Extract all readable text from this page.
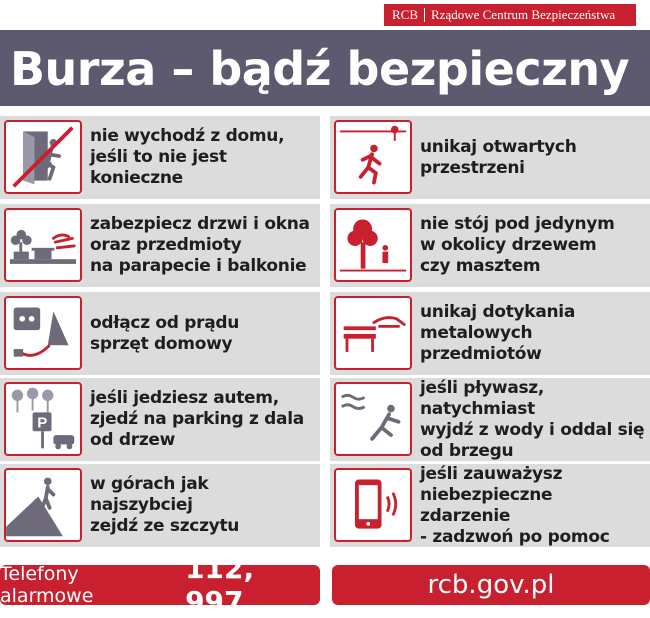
RCB Rządowe Centrum Bezpieczeństwa
Burza – bądź bezpieczny
nie wychodź z domu,
jeśli to nie jest konieczne
zabezpiecz drzwi i okna
oraz przedmioty
na parapecie i balkonie
odłącz od prądu
sprzęt domowy
P
jeśli jedziesz autem,
zjedź na parking z dala
od drzew
w górach jak najszybciej
zejdź ze szczytu
unikaj otwartych
przestrzeni
nie stój pod jedynym
w okolicy drzewem
czy masztem
unikaj dotykania
metalowych
przedmiotów
jeśli pływasz, natychmiast
wyjdź z wody i oddal się
od brzegu
jeśli zauważysz
niebezpieczne zdarzenie
- zadzwoń po pomoc
Telefony alarmowe
112, 997	rcb.gov.pl
